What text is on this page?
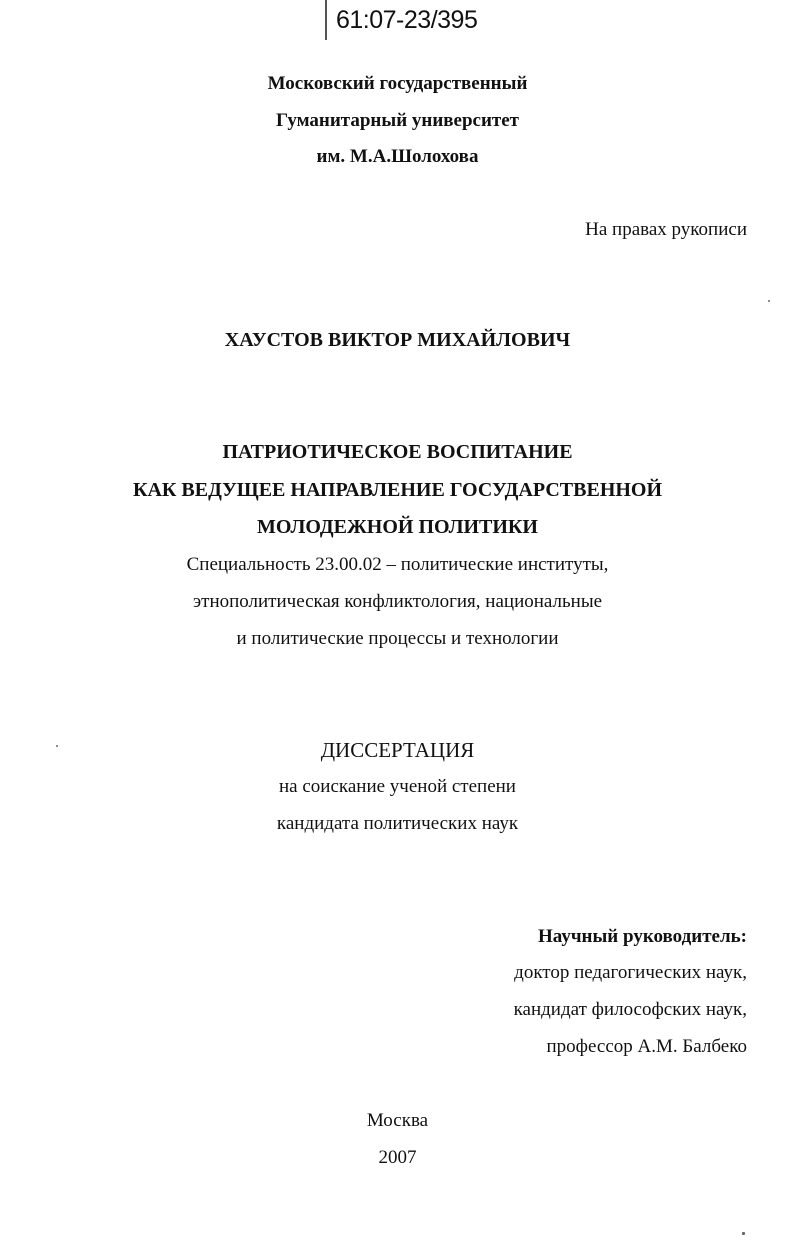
61:07-23/395
Московский государственный
Гуманитарный университет
им. М.А.Шолохова
На правах рукописи
ХАУСТОВ ВИКТОР МИХАЙЛОВИЧ
ПАТРИОТИЧЕСКОЕ ВОСПИТАНИЕ
КАК ВЕДУЩЕЕ НАПРАВЛЕНИЕ ГОСУДАРСТВЕННОЙ
МОЛОДЕЖНОЙ ПОЛИТИКИ
Специальность 23.00.02 – политические институты,
этнополитическая конфликтология, национальные
и политические процессы и технологии
ДИССЕРТАЦИЯ
на соискание ученой степени
кандидата политических наук
Научный руководитель:
доктор педагогических наук,
кандидат философских наук,
профессор А.М. Балбеко
Москва
2007
